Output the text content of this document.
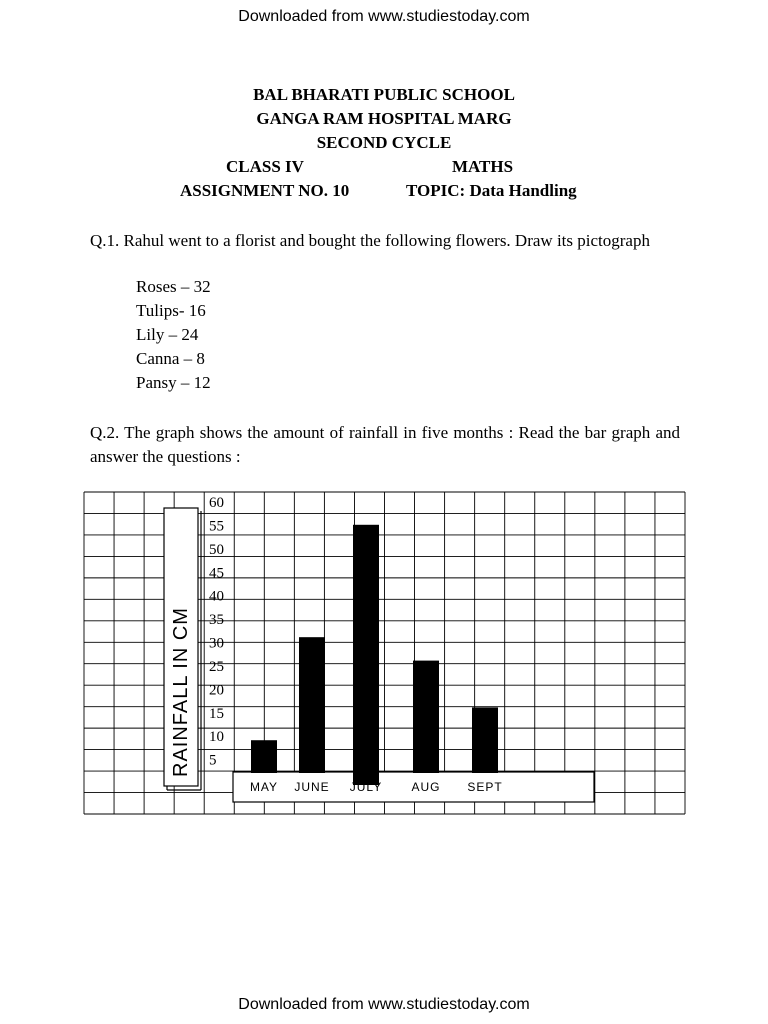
Downloaded from www.studiestoday.com
BAL BHARATI PUBLIC SCHOOL
GANGA RAM HOSPITAL MARG
SECOND CYCLE
CLASS IV	MATHS
ASSIGNMENT NO. 10	TOPIC: Data Handling
Q.1. Rahul went to a florist and bought the following flowers. Draw its pictograph
Roses – 32
Tulips- 16
Lily – 24
Canna – 8
Pansy – 12
Q.2. The graph shows the amount of rainfall in five months : Read the bar graph and answer the questions :
RAINFALL IN CM 5
10
15
20
25
30
35
40
45
50
55
60
MAY JUNE JULY AUG SEPT
Downloaded from www.studiestoday.com
